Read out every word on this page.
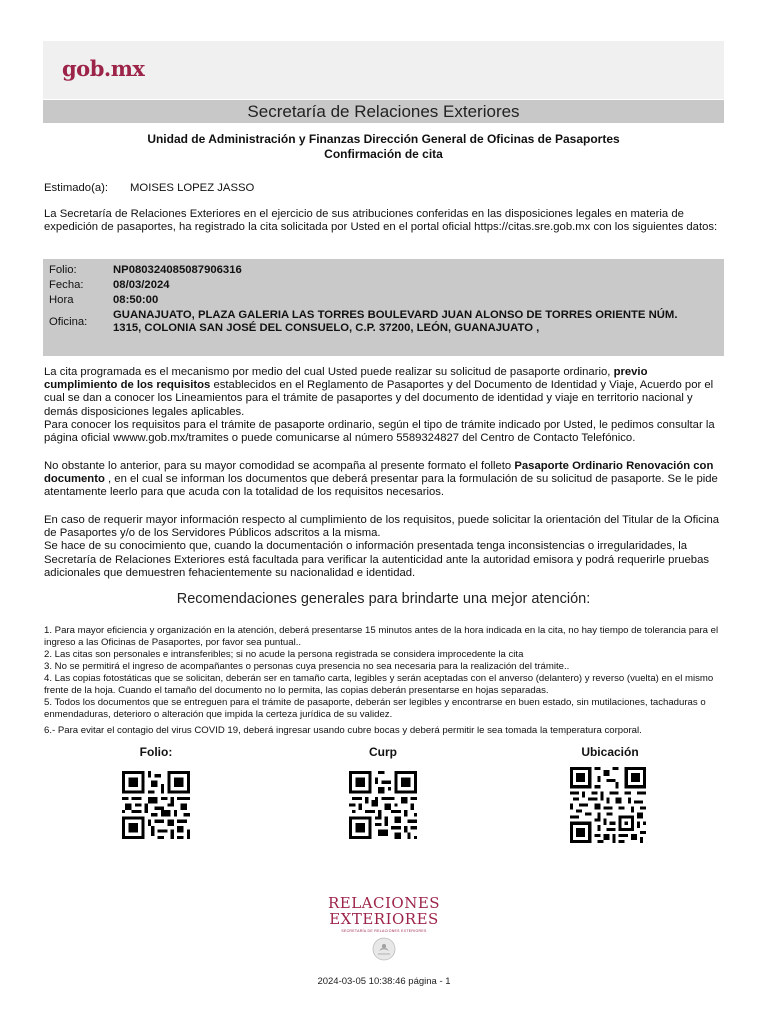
gob.mx
Secretaría de Relaciones Exteriores
Unidad de Administración y Finanzas Dirección General de Oficinas de Pasaportes
Confirmación de cita
Estimado(a): MOISES LOPEZ JASSO
La Secretaría de Relaciones Exteriores en el ejercicio de sus atribuciones conferidas en las disposiciones legales en materia de expedición de pasaportes, ha registrado la cita solicitada por Usted en el portal oficial https://citas.sre.gob.mx con los siguientes datos:
Folio:	NP080324085087906316
Fecha:	08/03/2024
Hora	08:50:00
Oficina:
GUANAJUATO, PLAZA GALERIA LAS TORRES BOULEVARD JUAN ALONSO DE TORRES ORIENTE NÚM.
1315, COLONIA SAN JOSÉ DEL CONSUELO, C.P. 37200, LEÓN, GUANAJUATO ,
La cita programada es el mecanismo por medio del cual Usted puede realizar su solicitud de pasaporte ordinario, previo cumplimiento de los requisitos establecidos en el Reglamento de Pasaportes y del Documento de Identidad y Viaje, Acuerdo por el cual se dan a conocer los Lineamientos para el trámite de pasaportes y del documento de identidad y viaje en territorio nacional y demás disposiciones legales aplicables.
Para conocer los requisitos para el trámite de pasaporte ordinario, según el tipo de trámite indicado por Usted, le pedimos consultar la página oficial wwww.gob.mx/tramites o puede comunicarse al número 5589324827 del Centro de Contacto Telefónico.
No obstante lo anterior, para su mayor comodidad se acompaña al presente formato el folleto Pasaporte Ordinario Renovación con documento , en el cual se informan los documentos que deberá presentar para la formulación de su solicitud de pasaporte. Se le pide atentamente leerlo para que acuda con la totalidad de los requisitos necesarios.
En caso de requerir mayor información respecto al cumplimiento de los requisitos, puede solicitar la orientación del Titular de la Oficina de Pasaportes y/o de los Servidores Públicos adscritos a la misma.
Se hace de su conocimiento que, cuando la documentación o información presentada tenga inconsistencias o irregularidades, la Secretaría de Relaciones Exteriores está facultada para verificar la autenticidad ante la autoridad emisora y podrá requerirle pruebas adicionales que demuestren fehacientemente su nacionalidad e identidad.
Recomendaciones generales para brindarte una mejor atención:
1. Para mayor eficiencia y organización en la atención, deberá presentarse 15 minutos antes de la hora indicada en la cita, no hay tiempo de tolerancia para el ingreso a las Oficinas de Pasaportes, por favor sea puntual..
2. Las citas son personales e intransferibles; si no acude la persona registrada se considera improcedente la cita
3. No se permitirá el ingreso de acompañantes o personas cuya presencia no sea necesaria para la realización del trámite..
4. Las copias fotostáticas que se solicitan, deberán ser en tamaño carta, legibles y serán aceptadas con el anverso (delantero) y reverso (vuelta) en el mismo frente de la hoja. Cuando el tamaño del documento no lo permita, las copias deberán presentarse en hojas separadas.
5. Todos los documentos que se entreguen para el trámite de pasaporte, deberán ser legibles y encontrarse en buen estado, sin mutilaciones, tachaduras o enmendaduras, deterioro o alteración que impida la certeza jurídica de su validez.
6.- Para evitar el contagio del virus COVID 19, deberá ingresar usando cubre bocas y deberá permitir le sea tomada la temperatura corporal.
Folio:	Curp	Ubicación
RELACIONES
EXTERIORES
SECRETARÍA DE RELACIONES EXTERIORES
2024-03-05 10:38:46 página - 1
